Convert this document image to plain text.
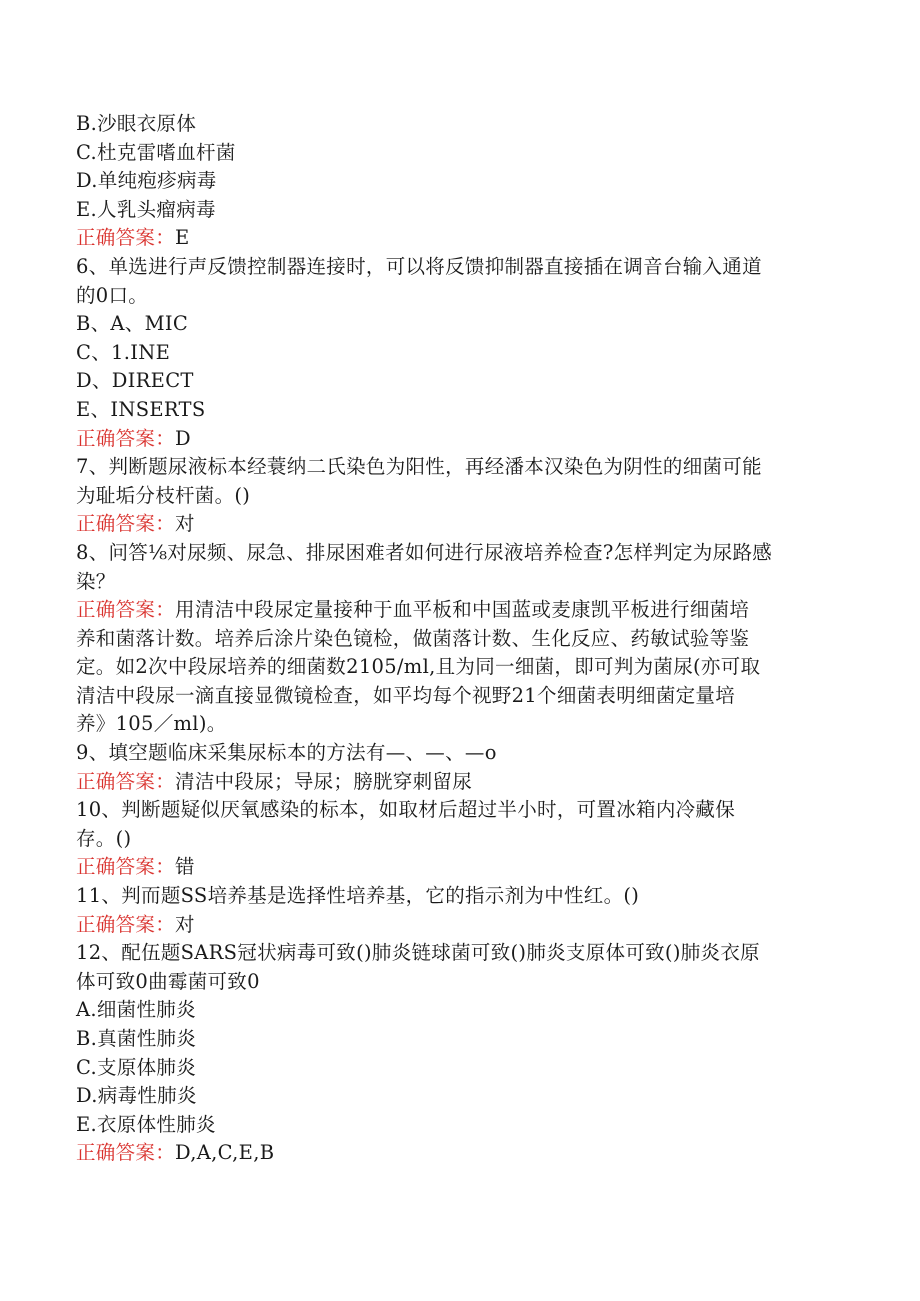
B.沙眼衣原体
C.杜克雷嗜血杆菌
D.单纯疱疹病毒
E.人乳头瘤病毒
正确答案：E
6、单选进行声反馈控制器连接时，可以将反馈抑制器直接插在调音台输入通道
的0口。
B、A、MIC
C、1.INE
D、DIRECT
E、INSERTS
正确答案：D
7、判断题尿液标本经蓑纳二氏染色为阳性，再经潘本汉染色为阴性的细菌可能
为耻垢分枝杆菌。()
正确答案：对
8、问答⅛对尿频、尿急、排尿困难者如何进行尿液培养检查?怎样判定为尿路感
染？
正确答案：用清洁中段尿定量接种于血平板和中国蓝或麦康凯平板进行细菌培
养和菌落计数。培养后涂片染色镜检，做菌落计数、生化反应、药敏试验等鉴
定。如2次中段尿培养的细菌数2105/ml,且为同一细菌，即可判为菌尿(亦可取
清洁中段尿一滴直接显微镜检查，如平均每个视野21个细菌表明细菌定量培
养》105／ml)。
9、填空题临床采集尿标本的方法有—、—、—o
正确答案：清洁中段尿；导尿；膀胱穿刺留尿
10、判断题疑似厌氧感染的标本，如取材后超过半小时，可置冰箱内冷藏保
存。()
正确答案：错
11、判而题SS培养基是选择性培养基，它的指示剂为中性红。()
正确答案：对
12、配伍题SARS冠状病毒可致()肺炎链球菌可致()肺炎支原体可致()肺炎衣原
体可致0曲霉菌可致0
A.细菌性肺炎
B.真菌性肺炎
C.支原体肺炎
D.病毒性肺炎
E.衣原体性肺炎
正确答案：D,A,C,E,B
